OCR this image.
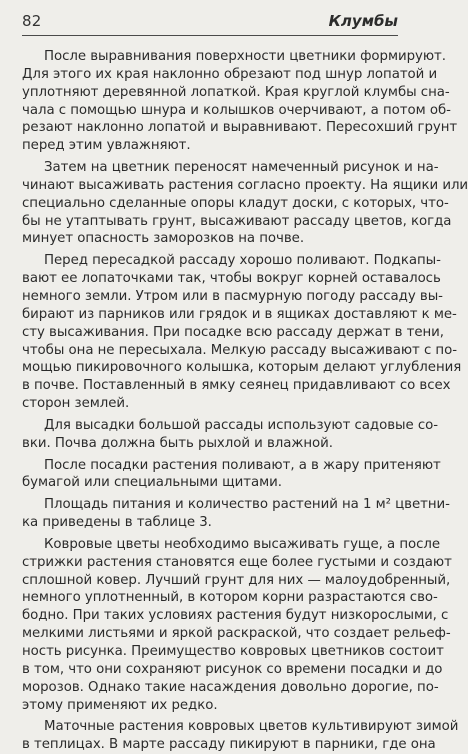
82	Клумбы
После выравнивания поверхности цветники формируют.
Для этого их края наклонно обрезают под шнур лопатой и
уплотняют деревянной лопаткой. Края круглой клумбы сна-
чала с помощью шнура и колышков очерчивают, а потом об-
резают наклонно лопатой и выравнивают. Пересохший грунт
перед этим увлажняют.
Затем на цветник переносят намеченный рисунок и на-
чинают высаживать растения согласно проекту. На ящики или
специально сделанные опоры кладут доски, с которых, что-
бы не утаптывать грунт, высаживают рассаду цветов, когда
минует опасность заморозков на почве.
Перед пересадкой рассаду хорошо поливают. Подкапы-
вают ее лопаточками так, чтобы вокруг корней оставалось
немного земли. Утром или в пасмурную погоду рассаду вы-
бирают из парников или грядок и в ящиках доставляют к ме-
сту высаживания. При посадке всю рассаду держат в тени,
чтобы она не пересыхала. Мелкую рассаду высаживают с по-
мощью пикировочного колышка, которым делают углубления
в почве. Поставленный в ямку сеянец придавливают со всех
сторон землей.
Для высадки большой рассады используют садовые со-
вки. Почва должна быть рыхлой и влажной.
После посадки растения поливают, а в жару притеняют
бумагой или специальными щитами.
Площадь питания и количество растений на 1 м² цветни-
ка приведены в таблице 3.
Ковровые цветы необходимо высаживать гуще, а после
стрижки растения становятся еще более густыми и создают
сплошной ковер. Лучший грунт для них — малоудобренный,
немного уплотненный, в котором корни разрастаются сво-
бодно. При таких условиях растения будут низкорослыми, с
мелкими листьями и яркой раскраской, что создает рельеф-
ность рисунка. Преимущество ковровых цветников состоит
в том, что они сохраняют рисунок со времени посадки и до
морозов. Однако такие насаждения довольно дорогие, по-
этому применяют их редко.
Маточные растения ковровых цветов культивируют зимой
в теплицах. В марте рассаду пикируют в парники, где она
